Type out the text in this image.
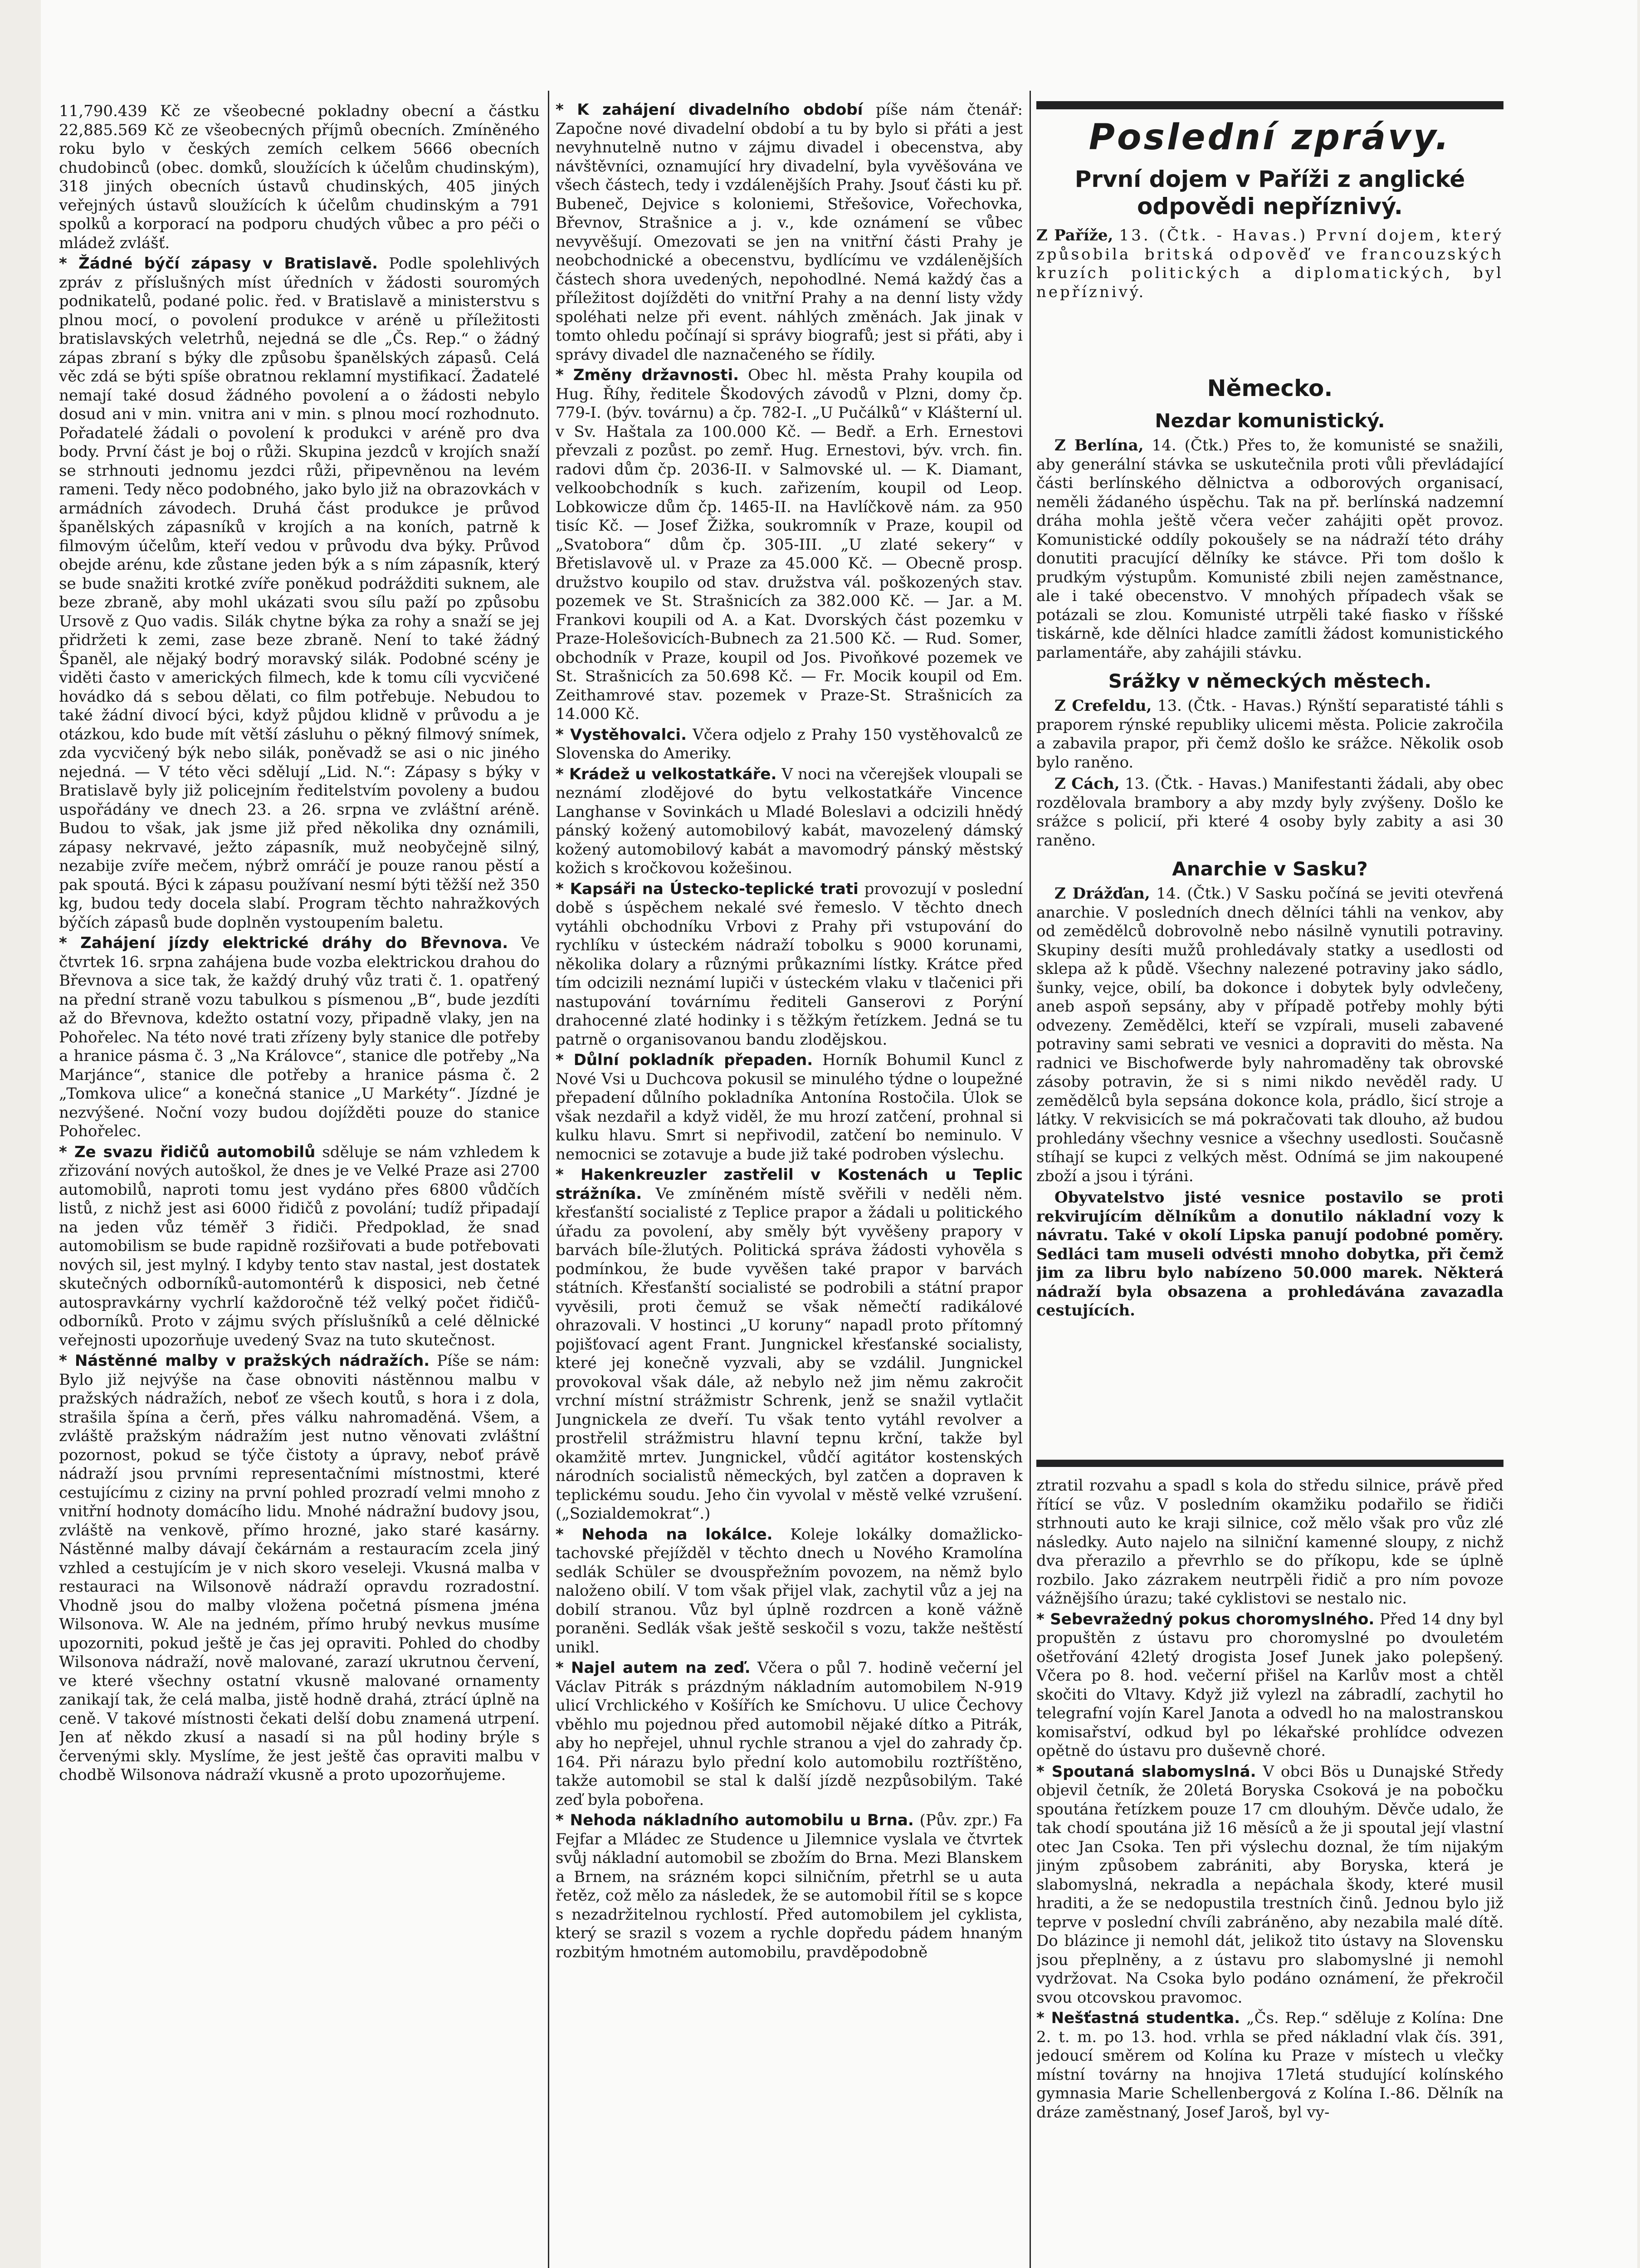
11,790.439 Kč ze všeobecné pokladny obecní a částku 22,885.569 Kč ze všeobecných příjmů obecních. Zmíněného roku bylo v českých zemích celkem 5666 obecních chudobinců (obec. domků, sloužících k účelům chudinským), 318 jiných obecních ústavů chudinských, 405 jiných veřejných ústavů sloužících k účelům chudinským a 791 spolků a korporací na podporu chudých vůbec a pro péči o mládež zvlášť.

* Žádné býčí zápasy v Bratislavě. Podle spolehlivých zpráv z příslušných míst úředních v žádosti souromých podnikatelů, podané polic. řed. v Bratislavě a ministerstvu s plnou mocí, o povolení produkce v aréně u příležitosti bratislavských veletrhů, nejedná se dle „Čs. Rep.“ o žádný zápas zbraní s býky dle způsobu španělských zápasů. Celá věc zdá se býti spíše obratnou reklamní mystifikací. Žadatelé nemají také dosud žádného povolení a o žádosti nebylo dosud ani v min. vnitra ani v min. s plnou mocí rozhodnuto. Pořadatelé žádali o povolení k produkci v aréně pro dva body. První část je boj o růži. Skupina jezdců v krojích snaží se strhnouti jednomu jezdci růži, připevněnou na levém rameni. Tedy něco podobného, jako bylo již na obrazovkách v armádních závodech. Druhá část produkce je průvod španělských zápasníků v krojích a na koních, patrně k filmovým účelům, kteří vedou v průvodu dva býky. Průvod obejde arénu, kde zůstane jeden býk a s ním zápasník, který se bude snažiti krotké zvíře poněkud podrážditi suknem, ale beze zbraně, aby mohl ukázati svou sílu paží po způsobu Ursově z Quo vadis. Silák chytne býka za rohy a snaží se jej přidržeti k zemi, zase beze zbraně. Není to také žádný Španěl, ale nějaký bodrý moravský silák. Podobné scény je viděti často v amerických filmech, kde k tomu cíli vycvičené hovádko dá s sebou dělati, co film potřebuje. Nebudou to také žádní divocí býci, když půjdou klidně v průvodu a je otázkou, kdo bude mít větší zásluhu o pěkný filmový snímek, zda vycvičený býk nebo silák, poněvadž se asi o nic jiného nejedná. — V této věci sdělují „Lid. N.“: Zápasy s býky v Bratislavě byly již policejním ředitelstvím povoleny a budou uspořádány ve dnech 23. a 26. srpna ve zvláštní aréně. Budou to však, jak jsme již před několika dny oznámili, zápasy nekrvavé, ježto zápasník, muž neobyčejně silný, nezabije zvíře mečem, nýbrž omráčí je pouze ranou pěstí a pak spoutá. Býci k zápasu používaní nesmí býti těžší než 350 kg, budou tedy docela slabí. Program těchto nahražkových býčích zápasů bude doplněn vystoupením baletu.

* Zahájení jízdy elektrické dráhy do Břevnova. Ve čtvrtek 16. srpna zahájena bude vozba elektrickou drahou do Břevnova a sice tak, že každý druhý vůz trati č. 1. opatřený na přední straně vozu tabulkou s písmenou „B“, bude jezdíti až do Břevnova, kdežto ostatní vozy, připadně vlaky, jen na Pohořelec. Na této nové trati zřízeny byly stanice dle potřeby a hranice pásma č. 3 „Na Královce“, stanice dle potřeby „Na Marjánce“, stanice dle potřeby a hranice pásma č. 2 „Tomkova ulice“ a konečná stanice „U Markéty“. Jízdné je nezvýšené. Noční vozy budou dojížděti pouze do stanice Pohořelec.

* Ze svazu řidičů automobilů sděluje se nám vzhledem k zřizování nových autoškol, že dnes je ve Velké Praze asi 2700 automobilů, naproti tomu jest vydáno přes 6800 vůdčích listů, z nichž jest asi 6000 řidičů z povolání; tudíž připadají na jeden vůz téměř 3 řidiči. Předpoklad, že snad automobilism se bude rapidně rozšiřovati a bude potřebovati nových sil, jest mylný. I kdyby tento stav nastal, jest dostatek skutečných odborníků-automontérů k disposici, neb četné autospravkárny vychrlí každoročně též velký počet řidičů-odborníků. Proto v zájmu svých příslušníků a celé dělnické veřejnosti upozorňuje uvedený Svaz na tuto skutečnost.

* Nástěnné malby v pražských nádražích. Píše se nám: Bylo již nejvýše na čase obnoviti nástěnnou malbu v pražských nádražích, neboť ze všech koutů, s hora i z dola, strašila špína a čerň, přes válku nahromaděná. Všem, a zvláště pražským nádražím jest nutno věnovati zvláštní pozornost, pokud se týče čistoty a úpravy, neboť právě nádraží jsou prvními representačními místnostmi, které cestujícímu z ciziny na první pohled prozradí velmi mnoho z vnitřní hodnoty domácího lidu. Mnohé nádražní budovy jsou, zvláště na venkově, přímo hrozné, jako staré kasárny. Nástěnné malby dávají čekárnám a restauracím zcela jiný vzhled a cestujícím je v nich skoro veseleji. Vkusná malba v restauraci na Wilsonově nádraží opravdu rozradostní. Vhodně jsou do malby vložena početná písmena jména Wilsonova. W. Ale na jedném, přímo hrubý nevkus musíme upozorniti, pokud ještě je čas jej opraviti. Pohled do chodby Wilsonova nádraží, nově malované, zarazí ukrutnou červení, ve které všechny ostatní vkusně malované ornamenty zanikají tak, že celá malba, jistě hodně drahá, ztrácí úplně na ceně. V takové místnosti čekati delší dobu znamená utrpení. Jen ať někdo zkusí a nasadí si na půl hodiny brýle s červenými skly. Myslíme, že jest ještě čas opraviti malbu v chodbě Wilsonova nádraží vkusně a proto upozorňujeme.

* K zahájení divadelního období píše nám čtenář: Započne nové divadelní období a tu by bylo si přáti a jest nevyhnutelně nutno v zájmu divadel i obecenstva, aby návštěvníci, oznamující hry divadelní, byla vyvěšována ve všech částech, tedy i vzdálenějších Prahy. Jsouť části ku př. Bubeneč, Dejvice s koloniemi, Střešovice, Vořechovka, Břevnov, Strašnice a j. v., kde oznámení se vůbec nevyvěšují. Omezovati se jen na vnitřní části Prahy je neobchodnické a obecenstvu, bydlícímu ve vzdálenějších částech shora uvedených, nepohodlné. Nemá každý čas a příležitost dojížděti do vnitřní Prahy a na denní listy vždy spoléhati nelze při event. náhlých změnách. Jak jinak v tomto ohledu počínají si správy biografů; jest si přáti, aby i správy divadel dle naznačeného se řídily.

* Změny državnosti. Obec hl. města Prahy koupila od Hug. Říhy, ředitele Škodových závodů v Plzni, domy čp. 779-I. (býv. továrnu) a čp. 782-I. „U Pučálků“ v Klášterní ul. v Sv. Haštala za 100.000 Kč. — Bedř. a Erh. Ernestovi převzali z pozůst. po zemř. Hug. Ernestovi, býv. vrch. fin. radovi dům čp. 2036-II. v Salmovské ul. — K. Diamant, velkoobchodník s kuch. zařizením, koupil od Leop. Lobkowicze dům čp. 1465-II. na Havlíčkově nám. za 950 tisíc Kč. — Josef Žižka, soukromník v Praze, koupil od „Svatobora“ dům čp. 305-III. „U zlaté sekery“ v Břetislavově ul. v Praze za 45.000 Kč. — Obecně prosp. družstvo koupilo od stav. družstva vál. poškozených stav. pozemek ve St. Strašnicích za 382.000 Kč. — Jar. a M. Frankovi koupili od A. a Kat. Dvorských část pozemku v Praze-Holešovicích-Bubnech za 21.500 Kč. — Rud. Somer, obchodník v Praze, koupil od Jos. Pivoňkové pozemek ve St. Strašnicích za 50.698 Kč. — Fr. Mocik koupil od Em. Zeithamrové stav. pozemek v Praze-St. Strašnicích za 14.000 Kč.

* Vystěhovalci. Včera odjelo z Prahy 150 vystěhovalců ze Slovenska do Ameriky.

* Krádež u velkostatkáře. V noci na včerejšek vloupali se neznámí zlodějové do bytu velkostatkáře Vincence Langhanse v Sovinkách u Mladé Boleslavi a odcizili hnědý pánský kožený automobilový kabát, mavozelený dámský kožený automobilový kabát a mavomodrý pánský městský kožich s kročkovou kožešinou.

* Kapsáři na Ústecko-teplické trati provozují v poslední době s úspěchem nekalé své řemeslo. V těchto dnech vytáhli obchodníku Vrbovi z Prahy při vstupování do rychlíku v ústeckém nádraží tobolku s 9000 korunami, několika dolary a různými průkazními lístky. Krátce před tím odcizili neznámí lupiči v ústeckém vlaku v tlačenici při nastupování továrnímu řediteli Ganserovi z Porýní drahocenné zlaté hodinky i s těžkým řetízkem. Jedná se tu patrně o organisovanou bandu zlodějskou.

* Důlní pokladník přepaden. Horník Bohumil Kuncl z Nové Vsi u Duchcova pokusil se minulého týdne o loupežné přepadení důlního pokladníka Antonína Rostočila. Úlok se však nezdařil a když viděl, že mu hrozí zatčení, prohnal si kulku hlavu. Smrt si nepřivodil, zatčení bo neminulo. V nemocnici se zotavuje a bude již také podroben výslechu.

* Hakenkreuzler zastřelil v Kostenách u Teplic strážníka. Ve zmíněném místě svěřili v neděli něm. křesťanští socialisté z Teplice prapor a žádali u politického úřadu za povolení, aby směly být vyvěšeny prapory v barvách bíle-žlutých. Politická správa žádosti vyhověla s podmínkou, že bude vyvěšen také prapor v barvách státních. Křesťanští socialisté se podrobili a státní prapor vyvěsili, proti čemuž se však němečtí radikálové ohrazovali. V hostinci „U koruny“ napadl proto přítomný pojišťovací agent Frant. Jungnickel křesťanské socialisty, které jej konečně vyzvali, aby se vzdálil. Jungnickel provokoval však dále, až nebylo než jim němu zakročit vrchní místní strážmistr Schrenk, jenž se snažil vytlačit Jungnickela ze dveří. Tu však tento vytáhl revolver a prostřelil strážmistru hlavní tepnu krční, takže byl okamžitě mrtev. Jungnickel, vůdčí agitátor kostenských národních socialistů německých, byl zatčen a dopraven k teplickému soudu. Jeho čin vyvolal v městě velké vzrušení. („Sozialdemokrat“.)

* Nehoda na lokálce. Koleje lokálky domažlicko-tachovské přejížděl v těchto dnech u Nového Kramolína sedlák Schüler se dvouspřežním povozem, na němž bylo naloženo obilí. V tom však přijel vlak, zachytil vůz a jej na dobilí stranou. Vůz byl úplně rozdrcen a koně vážně poraněni. Sedlák však ještě seskočil s vozu, takže neštěstí unikl.

* Najel autem na zeď. Včera o půl 7. hodině večerní jel Václav Pitrák s prázdným nákladním automobilem N-919 ulicí Vrchlického v Košířích ke Smíchovu. U ulice Čechovy vběhlo mu pojednou před automobil nějaké dítko a Pitrák, aby ho nepřejel, uhnul rychle stranou a vjel do zahrady čp. 164. Při nárazu bylo přední kolo automobilu roztříštěno, takže automobil se stal k další jízdě nezpůsobilým. Také zeď byla pobořena.

* Nehoda nákladního automobilu u Brna. (Pův. zpr.) Fa Fejfar a Mládec ze Studence u Jilemnice vyslala ve čtvrtek svůj nákladní automobil se zbožím do Brna. Mezi Blanskem a Brnem, na srázném kopci silničním, přetrhl se u auta řetěz, což mělo za následek, že se automobil řítil se s kopce s nezadržitelnou rychlostí. Před automobilem jel cyklista, který se srazil s vozem a rychle dopředu pádem hnaným rozbitým hmotném automobilu, pravděpodobně

Poslední zprávy.

První dojem v Paříži z anglické odpovědi nepříznivý.

Z Paříže, 13. (Čtk. - Havas.) První dojem, který způsobila britská odpověď ve francouzských kruzích politických a diplomatických, byl nepříznivý.

Německo.
Nezdar komunistický.

Z Berlína, 14. (Čtk.) Přes to, že komunisté se snažili, aby generální stávka se uskutečnila proti vůli převládající části berlínského dělnictva a odborových organisací, neměli žádaného úspěchu. Tak na př. berlínská nadzemní dráha mohla ještě včera večer zahájiti opět provoz. Komunistické oddíly pokoušely se na nádraží této dráhy donutiti pracující dělníky ke stávce. Při tom došlo k prudkým výstupům. Komunisté zbili nejen zaměstnance, ale i také obecenstvo. V mnohých případech však se potázali se zlou. Komunisté utrpěli také fiasko v říšské tiskárně, kde dělníci hladce zamítli žádost komunistického parlamentáře, aby zahájili stávku.

Srážky v německých městech.

Z Crefeldu, 13. (Čtk. - Havas.) Rýnští separatisté táhli s praporem rýnské republiky ulicemi města. Policie zakročila a zabavila prapor, při čemž došlo ke srážce. Několik osob bylo raněno.

Z Cách, 13. (Čtk. - Havas.) Manifestanti žádali, aby obec rozdělovala brambory a aby mzdy byly zvýšeny. Došlo ke srážce s policií, při které 4 osoby byly zabity a asi 30 raněno.

Anarchie v Sasku?

Z Drážďan, 14. (Čtk.) V Sasku počíná se jeviti otevřená anarchie. V posledních dnech dělníci táhli na venkov, aby od zemědělců dobrovolně nebo násilně vynutili potraviny. Skupiny desíti mužů prohledávaly statky a usedlosti od sklepa až k půdě. Všechny nalezené potraviny jako sádlo, šunky, vejce, obilí, ba dokonce i dobytek byly odvlečeny, aneb aspoň sepsány, aby v případě potřeby mohly býti odvezeny. Zemědělci, kteří se vzpírali, museli zabavené potraviny sami sebrati ve vesnici a dopraviti do města. Na radnici ve Bischofwerde byly nahromaděny tak obrovské zásoby potravin, že si s nimi nikdo nevěděl rady. U zemědělců byla sepsána dokonce kola, prádlo, šicí stroje a látky. V rekvisicích se má pokračovati tak dlouho, až budou prohledány všechny vesnice a všechny usedlosti. Současně stíhají se kupci z velkých měst. Odnímá se jim nakoupené zboží a jsou i týráni.

Obyvatelstvo jisté vesnice postavilo se proti rekvirujícím dělníkům a donutilo nákladní vozy k návratu. Také v okolí Lipska panují podobné poměry. Sedláci tam museli odvésti mnoho dobytka, při čemž jim za libru bylo nabízeno 50.000 marek. Některá nádraží byla obsazena a prohledávána zavazadla cestujících.

ztratil rozvahu a spadl s kola do středu silnice, právě před řítící se vůz. V posledním okamžiku podařilo se řidiči strhnouti auto ke kraji silnice, což mělo však pro vůz zlé následky. Auto najelo na silniční kamenné sloupy, z nichž dva přerazilo a převrhlo se do příkopu, kde se úplně rozbilo. Jako zázrakem neutrpěli řidič a pro ním povoze vážnějšího úrazu; také cyklistovi se nestalo nic.

* Sebevražedný pokus choromyslného. Před 14 dny byl propuštěn z ústavu pro choromyslné po dvouletém ošetřování 42letý drogista Josef Junek jako polepšený. Včera po 8. hod. večerní přišel na Karlův most a chtěl skočiti do Vltavy. Když již vylezl na zábradlí, zachytil ho telegrafní vojín Karel Janota a odvedl ho na malostranskou komisařství, odkud byl po lékařské prohlídce odvezen opětně do ústavu pro duševně choré.

* Spoutaná slabomyslná. V obci Bös u Dunajské Středy objevil četník, že 20letá Boryska Csoková je na pobočku spoutána řetízkem pouze 17 cm dlouhým. Děvče udalo, že tak chodí spoutána již 16 měsíců a že ji spoutal její vlastní otec Jan Csoka. Ten při výslechu doznal, že tím nijakým jiným způsobem zabrániti, aby Boryska, která je slabomyslná, nekradla a nepáchala škody, které musil hraditi, a že se nedopustila trestních činů. Jednou bylo již teprve v poslední chvíli zabráněno, aby nezabila malé dítě. Do blázince ji nemohl dát, jelikož tito ústavy na Slovensku jsou přeplněny, a z ústavu pro slabomyslné ji nemohl vydržovat. Na Csoka bylo podáno oznámení, že překročil svou otcovskou pravomoc.

* Nešťastná studentka. „Čs. Rep.“ sděluje z Kolína: Dne 2. t. m. po 13. hod. vrhla se před nákladní vlak čís. 391, jedoucí směrem od Kolína ku Praze v místech u vlečky místní továrny na hnojiva 17letá studující kolínského gymnasia Marie Schellenbergová z Kolína I.-86. Dělník na dráze zaměstnaný, Josef Jaroš, byl vy-
